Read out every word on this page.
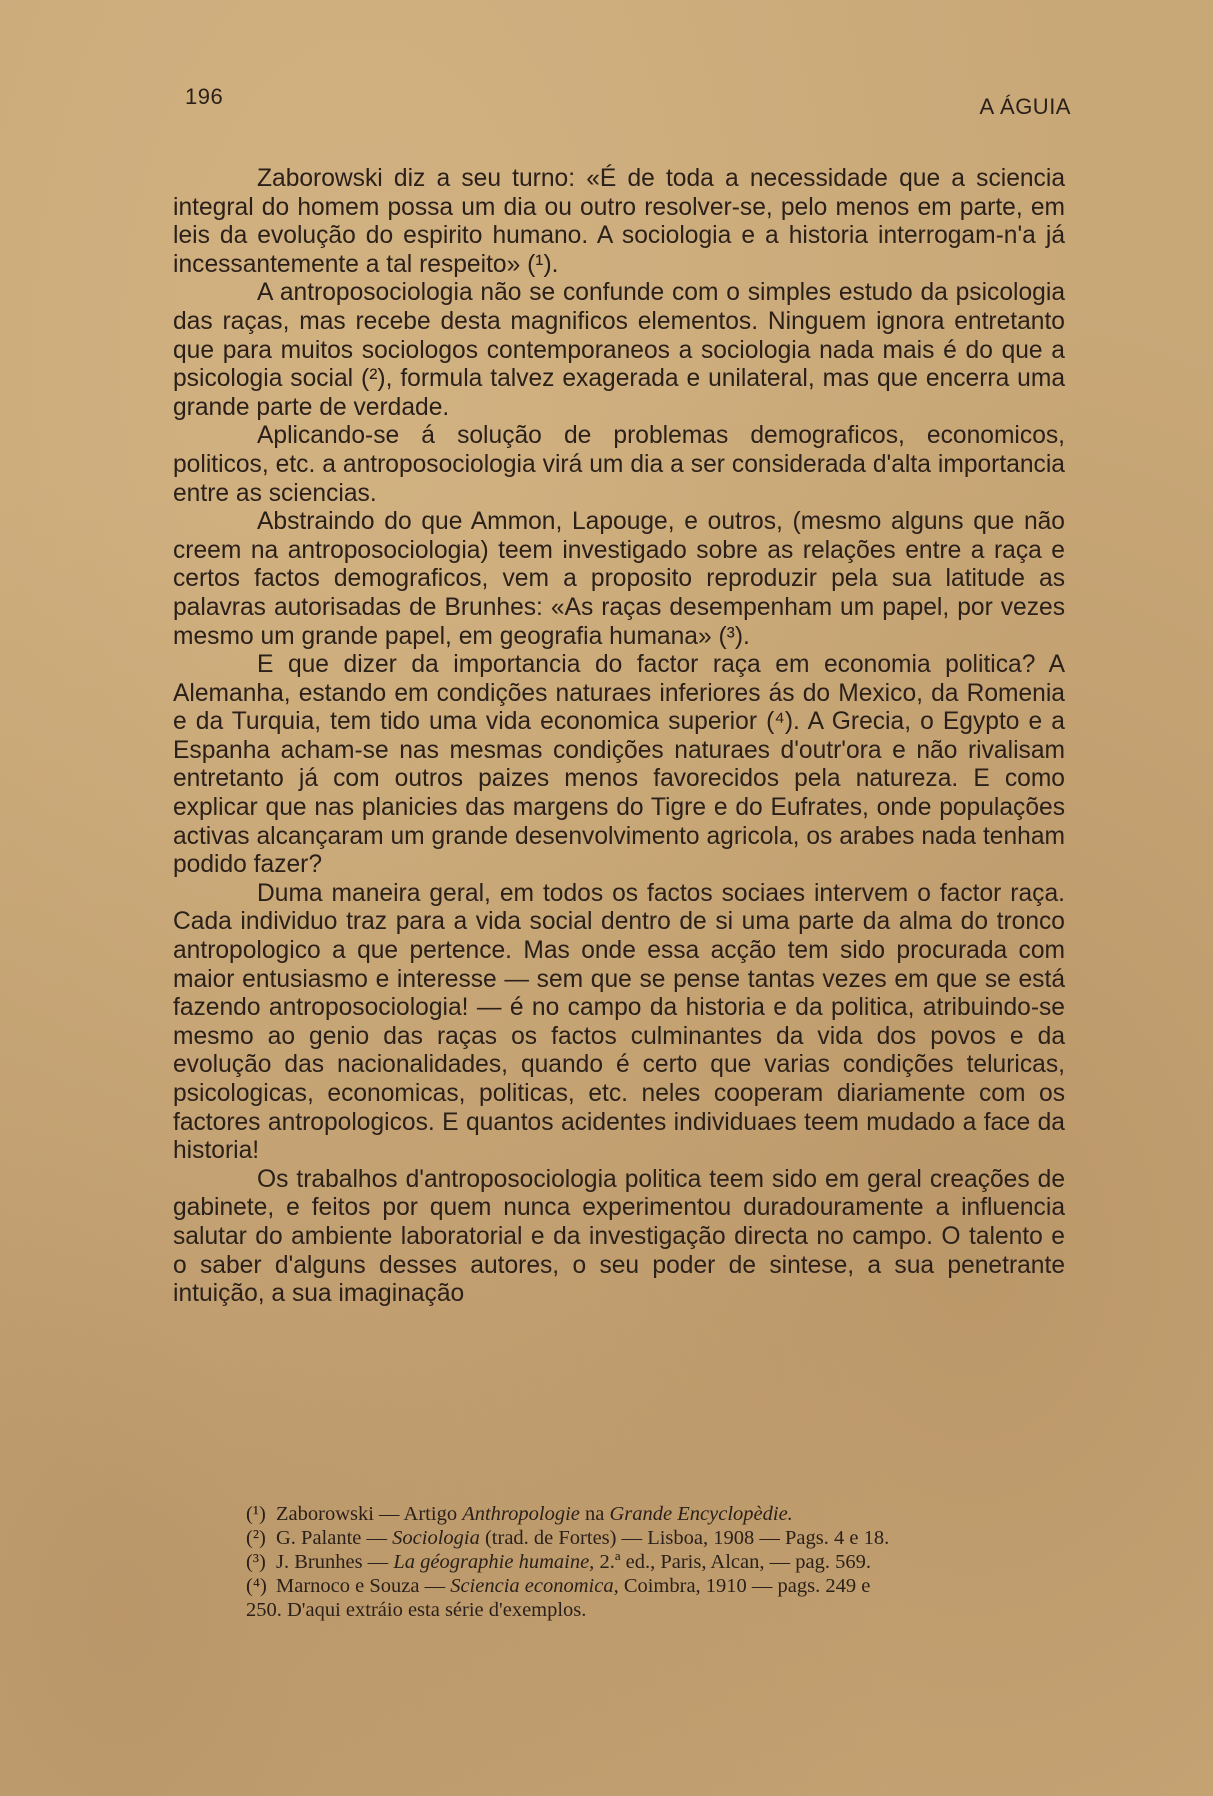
196	A ÁGUIA

Zaborowski diz a seu turno: «É de toda a necessidade que a sciencia integral do homem possa um dia ou outro resolver-se, pelo menos em parte, em leis da evolução do espirito humano. A sociologia e a historia interrogam-n'a já incessantemente a tal respeito» (¹).

A antroposociologia não se confunde com o simples estudo da psicologia das raças, mas recebe desta magnificos elementos. Ninguem ignora entretanto que para muitos sociologos contemporaneos a sociologia nada mais é do que a psicologia social (²), formula talvez exagerada e unilateral, mas que encerra uma grande parte de verdade.

Aplicando-se á solução de problemas demograficos, economicos, politicos, etc. a antroposociologia virá um dia a ser considerada d'alta importancia entre as sciencias.

Abstraindo do que Ammon, Lapouge, e outros, (mesmo alguns que não creem na antroposociologia) teem investigado sobre as relações entre a raça e certos factos demograficos, vem a proposito reproduzir pela sua latitude as palavras autorisadas de Brunhes: «As raças desempenham um papel, por vezes mesmo um grande papel, em geografia humana» (³).

E que dizer da importancia do factor raça em economia politica? A Alemanha, estando em condições naturaes inferiores ás do Mexico, da Romenia e da Turquia, tem tido uma vida economica superior (⁴). A Grecia, o Egypto e a Espanha acham-se nas mesmas condições naturaes d'outr'ora e não rivalisam entretanto já com outros paizes menos favorecidos pela natureza. E como explicar que nas planicies das margens do Tigre e do Eufrates, onde populações activas alcançaram um grande desenvolvimento agricola, os arabes nada tenham podido fazer?

Duma maneira geral, em todos os factos sociaes intervem o factor raça. Cada individuo traz para a vida social dentro de si uma parte da alma do tronco antropologico a que pertence. Mas onde essa acção tem sido procurada com maior entusiasmo e interesse — sem que se pense tantas vezes em que se está fazendo antroposociologia! — é no campo da historia e da politica, atribuindo-se mesmo ao genio das raças os factos culminantes da vida dos povos e da evolução das nacionalidades, quando é certo que varias condições teluricas, psicologicas, economicas, politicas, etc. neles cooperam diariamente com os factores antropologicos. E quantos acidentes individuaes teem mudado a face da historia!

Os trabalhos d'antroposociologia politica teem sido em geral creações de gabinete, e feitos por quem nunca experimentou duradouramente a influencia salutar do ambiente laboratorial e da investigação directa no campo. O talento e o saber d'alguns desses autores, o seu poder de sintese, a sua penetrante intuição, a sua imaginação

(¹) Zaborowski — Artigo Anthropologie na Grande Encyclopèdie.

(²) G. Palante — Sociologia (trad. de Fortes) — Lisboa, 1908 — Pags. 4 e 18.

(³) J. Brunhes — La géographie humaine, 2.ª ed., Paris, Alcan, — pag. 569.

(⁴) Marnoco e Souza — Sciencia economica, Coimbra, 1910 — pags. 249 e

250. D'aqui extráio esta série d'exemplos.
